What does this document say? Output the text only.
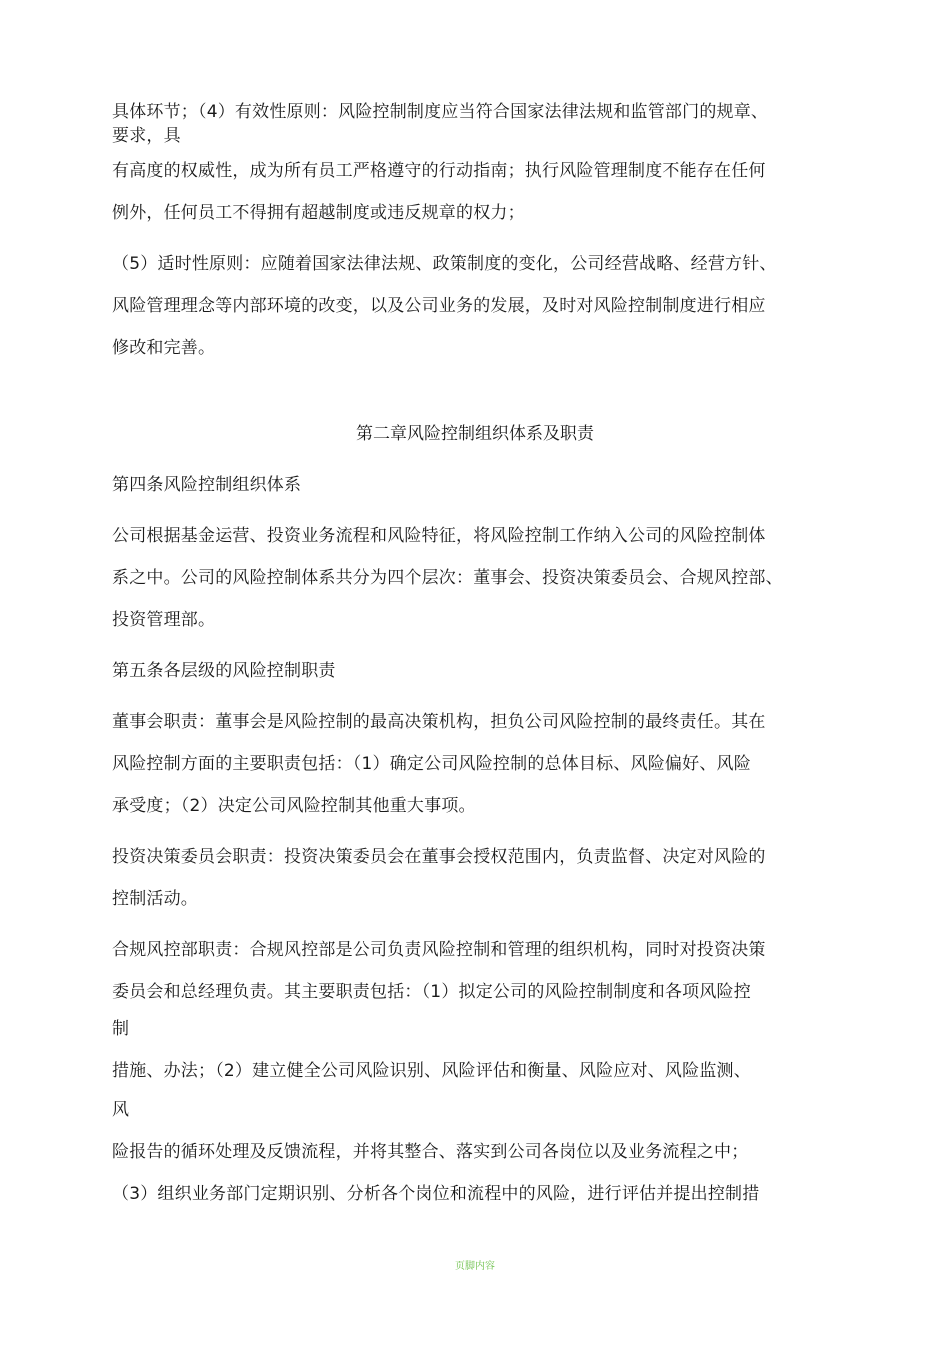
具体环节；（4）有效性原则：风险控制制度应当符合国家法律法规和监管部门的规章、
要求，具
有高度的权威性，成为所有员工严格遵守的行动指南；执行风险管理制度不能存在任何
例外，任何员工不得拥有超越制度或违反规章的权力；
（5）适时性原则：应随着国家法律法规、政策制度的变化，公司经营战略、经营方针、
风险管理理念等内部环境的改变，以及公司业务的发展，及时对风险控制制度进行相应
修改和完善。
第二章风险控制组织体系及职责
第四条风险控制组织体系
公司根据基金运营、投资业务流程和风险特征，将风险控制工作纳入公司的风险控制体
系之中。公司的风险控制体系共分为四个层次：董事会、投资决策委员会、合规风控部、
投资管理部。
第五条各层级的风险控制职责
董事会职责：董事会是风险控制的最高决策机构，担负公司风险控制的最终责任。其在
风险控制方面的主要职责包括：（1）确定公司风险控制的总体目标、风险偏好、风险
承受度；（2）决定公司风险控制其他重大事项。
投资决策委员会职责：投资决策委员会在董事会授权范围内，负责监督、决定对风险的
控制活动。
合规风控部职责：合规风控部是公司负责风险控制和管理的组织机构，同时对投资决策
委员会和总经理负责。其主要职责包括：（1）拟定公司的风险控制制度和各项风险控
制
措施、办法；（2）建立健全公司风险识别、风险评估和衡量、风险应对、风险监测、
风
险报告的循环处理及反馈流程，并将其整合、落实到公司各岗位以及业务流程之中；
（3）组织业务部门定期识别、分析各个岗位和流程中的风险，进行评估并提出控制措
页脚内容
